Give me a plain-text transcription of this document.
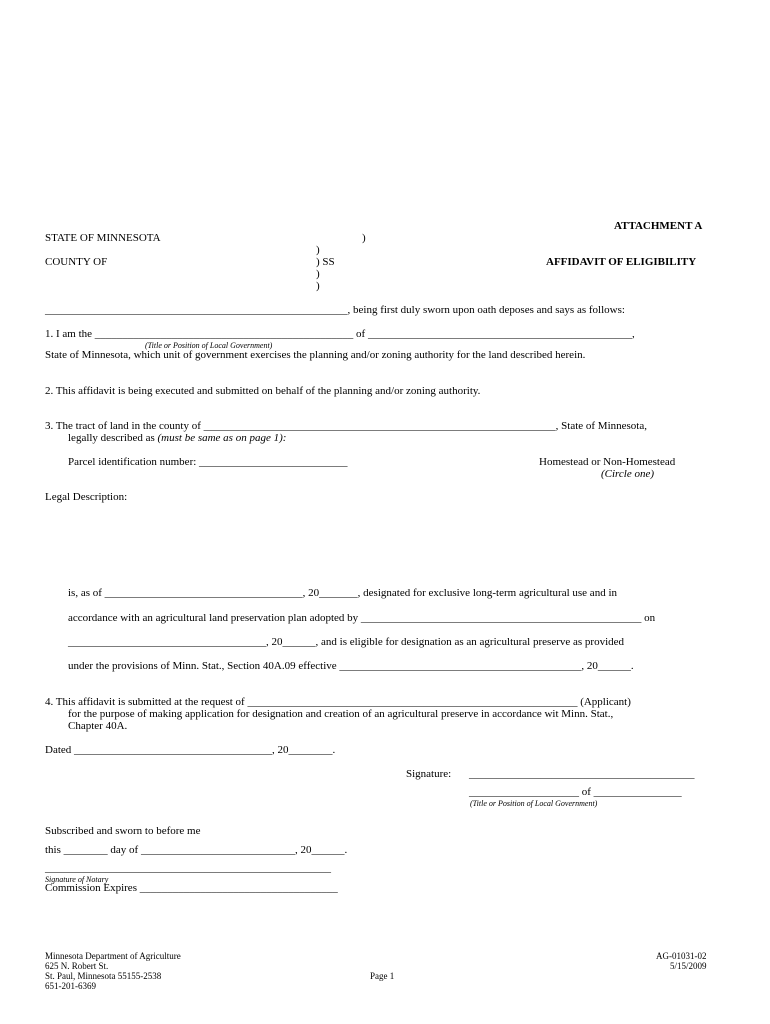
ATTACHMENT A
STATE OF MINNESOTA	)
)
COUNTY OF	) SS	AFFIDAVIT OF ELIGIBILITY
)
)
_______________________________________________________, being first duly sworn upon oath deposes and says as follows:
1. I am the _______________________________________________ of ________________________________________________,
(Title or Position of Local Government)
State of Minnesota, which unit of government exercises the planning and/or zoning authority for the land described herein.
2. This affidavit is being executed and submitted on behalf of the planning and/or zoning authority.
3. The tract of land in the county of ________________________________________________________________, State of Minnesota,
legally described as (must be same as on page 1):
Parcel identification number: ___________________________	Homestead or Non-Homestead
(Circle one)
Legal Description:
is, as of ____________________________________, 20_______, designated for exclusive long-term agricultural use and in
accordance with an agricultural land preservation plan adopted by ___________________________________________________ on
____________________________________, 20______, and is eligible for designation as an agricultural preserve as provided
under the provisions of Minn. Stat., Section 40A.09 effective ____________________________________________, 20______.
4. This affidavit is submitted at the request of ____________________________________________________________ (Applicant)
for the purpose of making application for designation and creation of an agricultural preserve in accordance wit Minn. Stat.,
Chapter 40A.
Dated ____________________________________, 20________.
Signature: _________________________________________
____________________ of ________________
(Title or Position of Local Government)
Subscribed and sworn to before me
this ________ day of ____________________________, 20______.
____________________________________________________
Signature of Notary
Commission Expires ____________________________________
Minnesota Department of Agriculture
625 N. Robert St.
St. Paul, Minnesota 55155-2538
651-201-6369
Page 1
AG-01031-02
5/15/2009
